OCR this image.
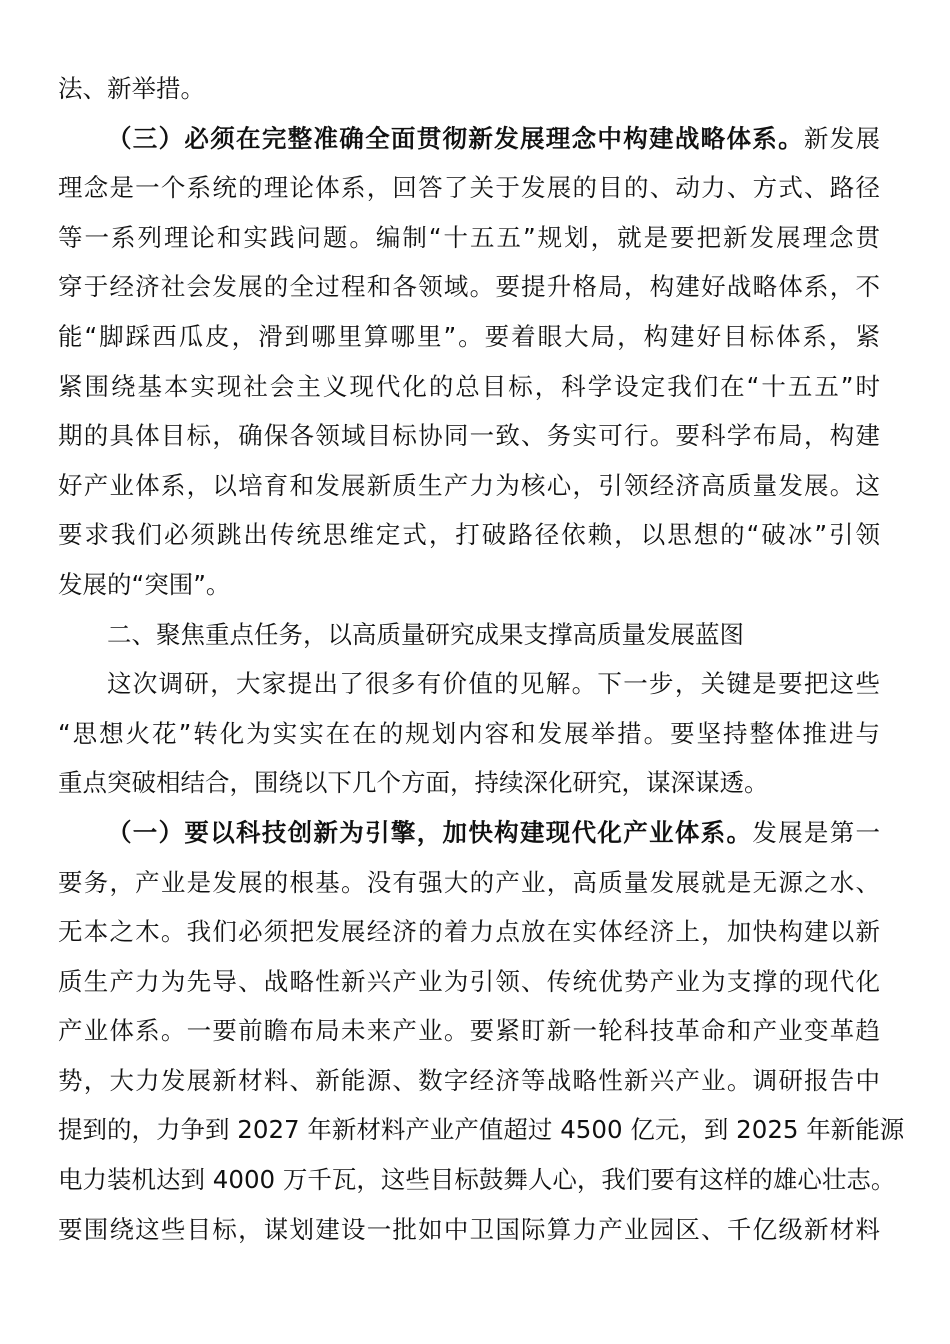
法、新举措。
（三）必须在完整准确全面贯彻新发展理念中构建战略体系。新发展
理念是一个系统的理论体系，回答了关于发展的目的、动力、方式、路径
等一系列理论和实践问题。编制“十五五”规划，就是要把新发展理念贯
穿于经济社会发展的全过程和各领域。要提升格局，构建好战略体系，不
能“脚踩西瓜皮，滑到哪里算哪里”。要着眼大局，构建好目标体系，紧
紧围绕基本实现社会主义现代化的总目标，科学设定我们在“十五五”时
期的具体目标，确保各领域目标协同一致、务实可行。要科学布局，构建
好产业体系，以培育和发展新质生产力为核心，引领经济高质量发展。这
要求我们必须跳出传统思维定式，打破路径依赖，以思想的“破冰”引领
发展的“突围”。
二、聚焦重点任务，以高质量研究成果支撑高质量发展蓝图
这次调研，大家提出了很多有价值的见解。下一步，关键是要把这些
“思想火花”转化为实实在在的规划内容和发展举措。要坚持整体推进与
重点突破相结合，围绕以下几个方面，持续深化研究，谋深谋透。
（一）要以科技创新为引擎，加快构建现代化产业体系。发展是第一
要务，产业是发展的根基。没有强大的产业，高质量发展就是无源之水、
无本之木。我们必须把发展经济的着力点放在实体经济上，加快构建以新
质生产力为先导、战略性新兴产业为引领、传统优势产业为支撑的现代化
产业体系。一要前瞻布局未来产业。要紧盯新一轮科技革命和产业变革趋
势，大力发展新材料、新能源、数字经济等战略性新兴产业。调研报告中
提到的，力争到 2027 年新材料产业产值超过 4500 亿元，到 2025 年新能源
电力装机达到 4000 万千瓦，这些目标鼓舞人心，我们要有这样的雄心壮志。
要围绕这些目标，谋划建设一批如中卫国际算力产业园区、千亿级新材料
